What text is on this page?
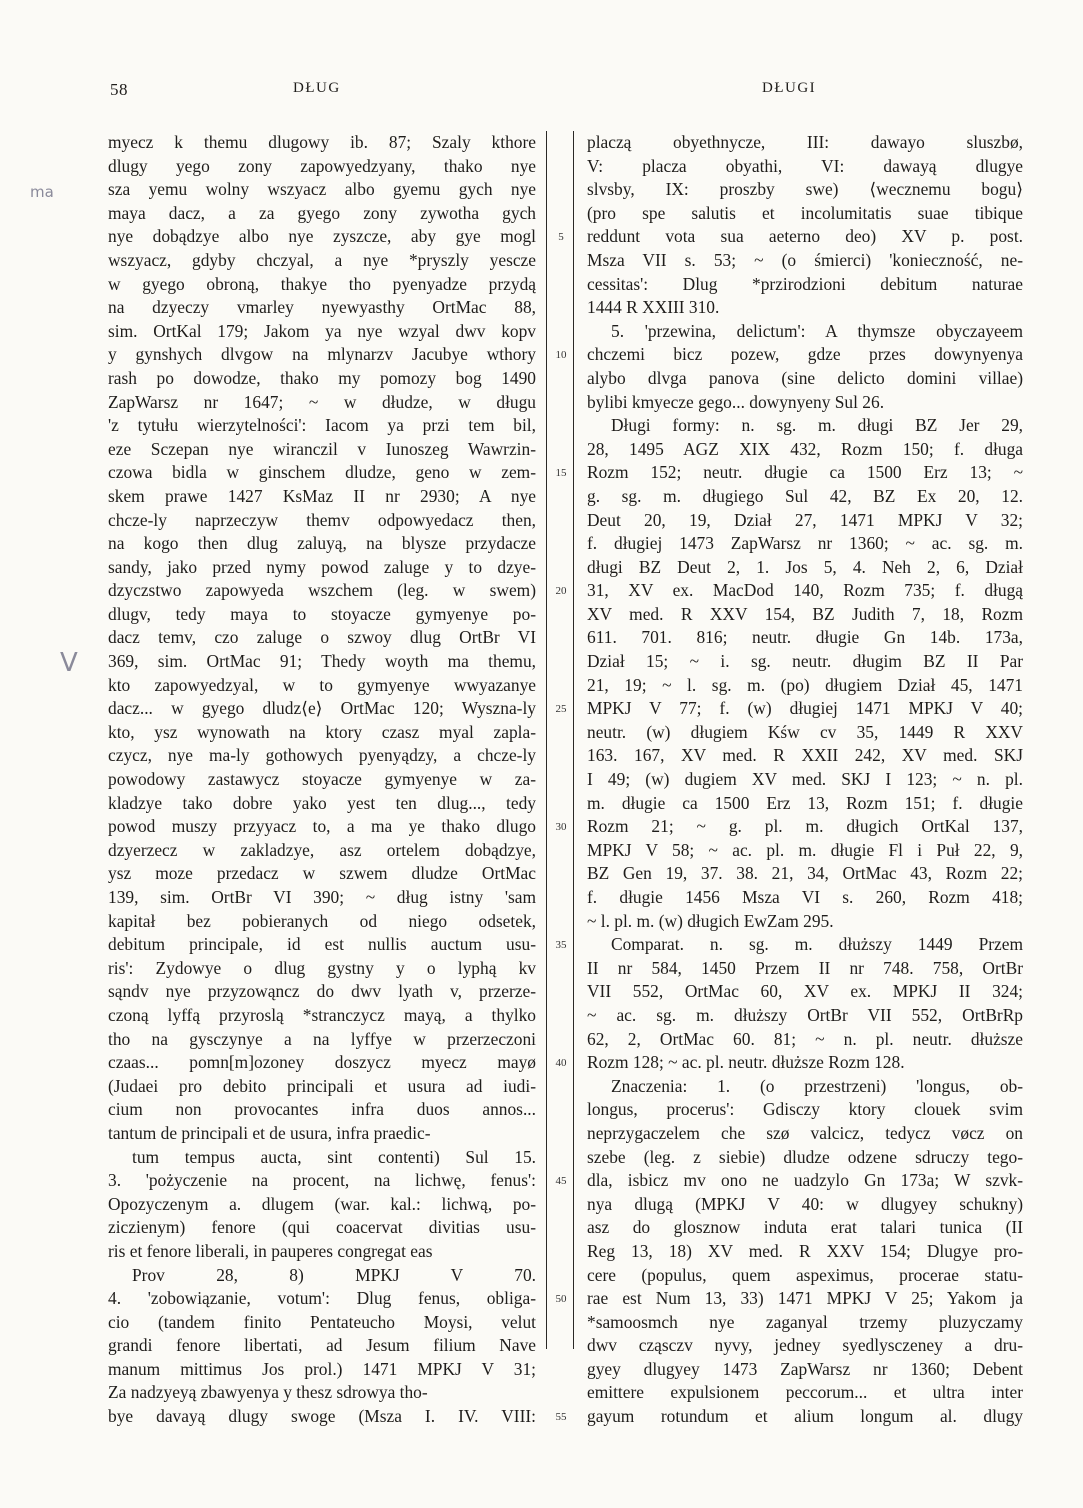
58	DŁUG	DŁUGI
ma
V
5
10
15
20
25
30
35
40
45
50
55
myecz k themu dlugowy ib. 87; Szaly kthore
dlugy yego zony zapowyedzyany, thako nye
sza yemu wolny wszyacz albo gyemu gych nye
maya dacz, a za gyego zony zywotha gych
nye dobądzye albo nye zyszcze, aby gye mogl
wszyacz, gdyby chczyal, a nye *pryszly yescze
w gyego obroną, thakye tho pyenyadze przydą
na dzyeczy vmarley nyewyasthy OrtMac 88,
sim. OrtKal 179; Jakom ya nye wzyal dwv kopv
y gynshych dlvgow na mlynarzv Jacubye wthory
rash po dowodze, thako my pomozy bog 1490
ZapWarsz nr 1647; ~ w dłudze, w długu
'z tytułu wierzytelności': Iacom ya przi tem bil,
eze Sczepan nye wiranczil v Iunoszeg Wawrzin-
czowa bidla w ginschem dludze, geno w zem-
skem prawe 1427 KsMaz II nr 2930; A nye
chcze-ly naprzeczyw themv odpowyedacz then,
na kogo then dlug zaluyą, na blysze przydacze
sandy, jako przed nymy powod zaluge y to dzye-
dzyczstwo zapowyeda wszchem (leg. w swem)
dlugv, tedy maya to stoyacze gymyenye po-
dacz temv, czo zaluge o szwoy dlug OrtBr VI
369, sim. OrtMac 91; Thedy woyth ma themu,
kto zapowyedzyal, w to gymyenye wwyazanye
dacz... w gyego dludz⟨e⟩ OrtMac 120; Wyszna-ly
kto, ysz wynowath na ktory czasz myal zapla-
czycz, nye ma-ly gothowych pyenyądzy, a chcze-ly
powodowy zastawycz stoyacze gymyenye w za-
kladzye tako dobre yako yest ten dlug..., tedy
powod muszy przyyacz to, a ma ye thako dlugo
dzyerzecz w zakladzye, asz ortelem dobądzye,
ysz moze przedacz w szwem dludze OrtMac
139, sim. OrtBr VI 390; ~ dług istny 'sam
kapitał bez pobieranych od niego odsetek,
debitum principale, id est nullis auctum usu-
ris': Zydowye o dlug gystny y o lyphą kv
sąndv nye przyzowąncz do dwv lyath v, przerze-
czoną lyffą przyroslą *stranczycz mayą, a thylko
tho na gysczynye a na lyffye w przerzeczoni
czaas... pomn[m]ozoney doszycz myecz mayø
(Judaei pro debito principali et usura ad iudi-
cium non provocantes infra duos annos...
tantum de principali et de usura, infra praedic-
tum tempus aucta, sint contenti) Sul 15.
3. 'pożyczenie na procent, na lichwę, fenus':
Opozyczenym a. dlugem (war. kal.: lichwą, po-
ziczienym) fenore (qui coacervat divitias usu-
ris et fenore liberali, in pauperes congregat eas
Prov 28, 8) MPKJ V 70.
4. 'zobowiązanie, votum': Dlug fenus, obliga-
cio (tandem finito Pentateucho Moysi, velut
grandi fenore libertati, ad Jesum filium Nave
manum mittimus Jos prol.) 1471 MPKJ V 31;
Za nadzyeyą zbawyenya y thesz sdrowya tho-
bye davayą dlugy swoge (Msza I. IV. VIII:
placzą obyethnycze, III: dawayo sluszbø,
V: placza obyathi, VI: dawayą dlugye
slvsby, IX: proszby swe) ⟨wecznemu bogu⟩
(pro spe salutis et incolumitatis suae tibique
reddunt vota sua aeterno deo) XV p. post.
Msza VII s. 53; ~ (o śmierci) 'konieczność, ne-
cessitas': Dlug *przirodzioni debitum naturae
1444 R XXIII 310.
5. 'przewina, delictum': A thymsze obyczayeem
chczemi bicz pozew, gdze przes dowynyenya
alybo dlvga panova (sine delicto domini villae)
bylibi kmyecze gego... dowynyeny Sul 26.
Długi formy: n. sg. m. długi BZ Jer 29,
28, 1495 AGZ XIX 432, Rozm 150; f. długa
Rozm 152; neutr. długie ca 1500 Erz 13; ~
g. sg. m. długiego Sul 42, BZ Ex 20, 12.
Deut 20, 19, Dział 27, 1471 MPKJ V 32;
f. długiej 1473 ZapWarsz nr 1360; ~ ac. sg. m.
długi BZ Deut 2, 1. Jos 5, 4. Neh 2, 6, Dział
31, XV ex. MacDod 140, Rozm 735; f. długą
XV med. R XXV 154, BZ Judith 7, 18, Rozm
611. 701. 816; neutr. długie Gn 14b. 173a,
Dział 15; ~ i. sg. neutr. długim BZ II Par
21, 19; ~ l. sg. m. (po) długiem Dział 45, 1471
MPKJ V 77; f. (w) długiej 1471 MPKJ V 40;
neutr. (w) długiem Kśw cv 35, 1449 R XXV
163. 167, XV med. R XXII 242, XV med. SKJ
I 49; (w) dugiem XV med. SKJ I 123; ~ n. pl.
m. długie ca 1500 Erz 13, Rozm 151; f. długie
Rozm 21; ~ g. pl. m. długich OrtKal 137,
MPKJ V 58; ~ ac. pl. m. długie Fl i Puł 22, 9,
BZ Gen 19, 37. 38. 21, 34, OrtMac 43, Rozm 22;
f. długie 1456 Msza VI s. 260, Rozm 418;
~ l. pl. m. (w) długich EwZam 295.
Comparat. n. sg. m. dłuższy 1449 Przem
II nr 584, 1450 Przem II nr 748. 758, OrtBr
VII 552, OrtMac 60, XV ex. MPKJ II 324;
~ ac. sg. m. dłuższy OrtBr VII 552, OrtBrRp
62, 2, OrtMac 60. 81; ~ n. pl. neutr. dłuższe
Rozm 128; ~ ac. pl. neutr. dłuższe Rozm 128.
Znaczenia: 1. (o przestrzeni) 'longus, ob-
longus, procerus': Gdisczy ktory clouek svim
neprzygaczelem che szø valcicz, tedycz vøcz on
szebe (leg. z siebie) dludze odzene sdruczy tego-
dla, isbicz mv ono ne uadzylo Gn 173a; W szvk-
nya dlugą (MPKJ V 40: w dlugyey schukny)
asz do glosznow induta erat talari tunica (II
Reg 13, 18) XV med. R XXV 154; Dlugye pro-
cere (populus, quem aspeximus, procerae statu-
rae est Num 13, 33) 1471 MPKJ V 25; Yakom ja
*samoosmch nye zaganyal trzemy pluzyczamy
dwv cząsczv nyvy, jedney syedlysczeney a dru-
gyey dlugyey 1473 ZapWarsz nr 1360; Debent
emittere expulsionem peccorum... et ultra inter
gayum rotundum et alium longum al. dlugy
